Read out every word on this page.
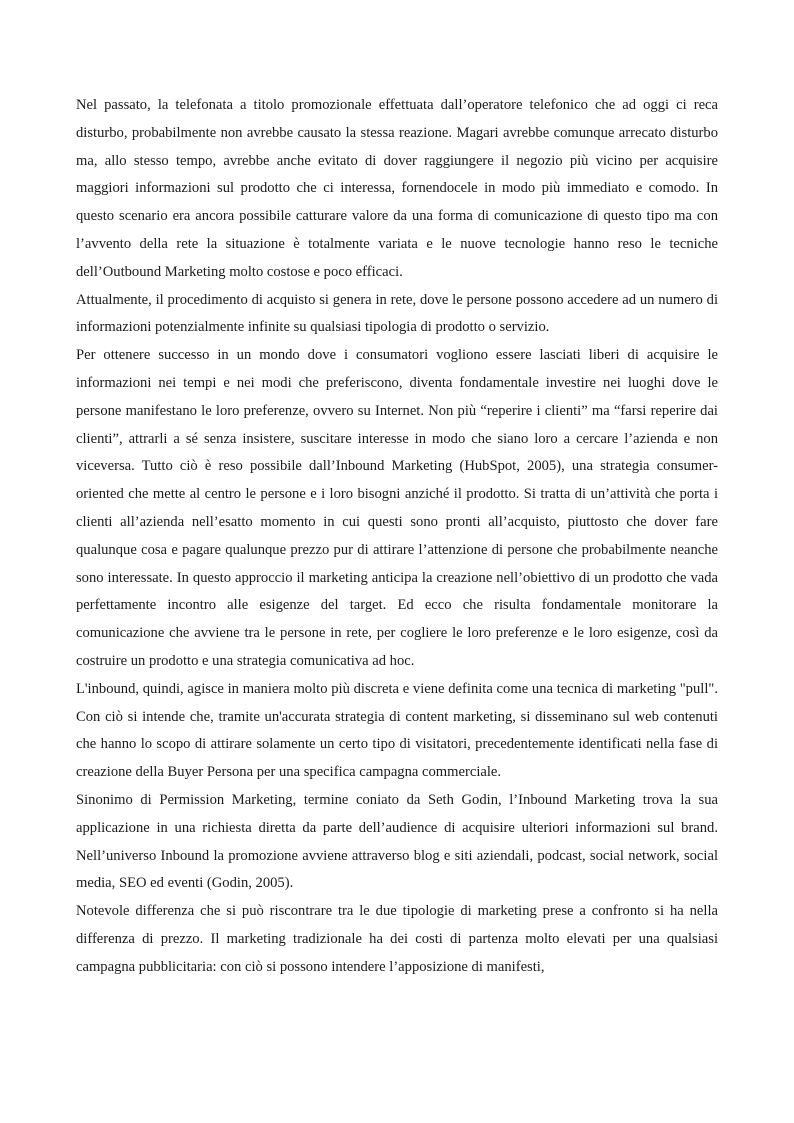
Nel passato, la telefonata a titolo promozionale effettuata dall’operatore telefonico che ad oggi ci reca disturbo, probabilmente non avrebbe causato la stessa reazione. Magari avrebbe comunque arrecato disturbo ma, allo stesso tempo, avrebbe anche evitato di dover raggiungere il negozio più vicino per acquisire maggiori informazioni sul prodotto che ci interessa, fornendocele in modo più immediato e comodo. In questo scenario era ancora possibile catturare valore da una forma di comunicazione di questo tipo ma con l’avvento della rete la situazione è totalmente variata e le nuove tecnologie hanno reso le tecniche dell’Outbound Marketing molto costose e poco efficaci.

Attualmente, il procedimento di acquisto si genera in rete, dove le persone possono accedere ad un numero di informazioni potenzialmente infinite su qualsiasi tipologia di prodotto o servizio.

Per ottenere successo in un mondo dove i consumatori vogliono essere lasciati liberi di acquisire le informazioni nei tempi e nei modi che preferiscono, diventa fondamentale investire nei luoghi dove le persone manifestano le loro preferenze, ovvero su Internet. Non più “reperire i clienti” ma “farsi reperire dai clienti”, attrarli a sé senza insistere, suscitare interesse in modo che siano loro a cercare l’azienda e non viceversa. Tutto ciò è reso possibile dall’Inbound Marketing (HubSpot, 2005), una strategia consumer-oriented che mette al centro le persone e i loro bisogni anziché il prodotto. Si tratta di un’attività che porta i clienti all’azienda nell’esatto momento in cui questi sono pronti all’acquisto, piuttosto che dover fare qualunque cosa e pagare qualunque prezzo pur di attirare l’attenzione di persone che probabilmente neanche sono interessate. In questo approccio il marketing anticipa la creazione nell’obiettivo di un prodotto che vada perfettamente incontro alle esigenze del target. Ed ecco che risulta fondamentale monitorare la comunicazione che avviene tra le persone in rete, per cogliere le loro preferenze e le loro esigenze, così da costruire un prodotto e una strategia comunicativa ad hoc.

L'inbound, quindi, agisce in maniera molto più discreta e viene definita come una tecnica di marketing "pull". Con ciò si intende che, tramite un'accurata strategia di content marketing, si disseminano sul web contenuti che hanno lo scopo di attirare solamente un certo tipo di visitatori, precedentemente identificati nella fase di creazione della Buyer Persona per una specifica campagna commerciale.

Sinonimo di Permission Marketing, termine coniato da Seth Godin, l’Inbound Marketing trova la sua applicazione in una richiesta diretta da parte dell’audience di acquisire ulteriori informazioni sul brand. Nell’universo Inbound la promozione avviene attraverso blog e siti aziendali, podcast, social network, social media, SEO ed eventi (Godin, 2005).

Notevole differenza che si può riscontrare tra le due tipologie di marketing prese a confronto si ha nella differenza di prezzo. Il marketing tradizionale ha dei costi di partenza molto elevati per una qualsiasi campagna pubblicitaria: con ciò si possono intendere l’apposizione di manifesti,
